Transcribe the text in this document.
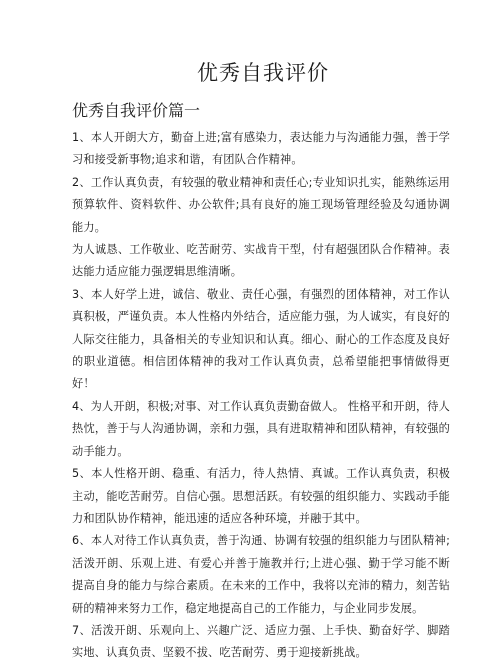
优秀自我评价
优秀自我评价篇一

1、本人开朗大方，勤奋上进;富有感染力，表达能力与沟通能力强，善于学习和接受新事物;追求和谐，有团队合作精神。

2、工作认真负责，有较强的敬业精神和责任心;专业知识扎实，能熟练运用预算软件、资料软件、办公软件;具有良好的施工现场管理经验及勾通协调能力。

为人诚恳、工作敬业、吃苦耐劳、实战肯干型，付有超强团队合作精神。表达能力适应能力强逻辑思维清晰。

3、本人好学上进，诚信、敬业、责任心强，有强烈的团体精神，对工作认真积极，严谨负责。本人性格内外结合，适应能力强，为人诚实，有良好的人际交往能力，具备相关的专业知识和认真。细心、耐心的工作态度及良好的职业道德。相信团体精神的我对工作认真负责，总希望能把事情做得更好！

4、为人开朗，积极;对事、对工作认真负责勤奋做人。 性格平和开朗，待人热忱，善于与人沟通协调，亲和力强，具有进取精神和团队精神，有较强的动手能力。

5、本人性格开朗、稳重、有活力，待人热情、真诚。工作认真负责，积极主动，能吃苦耐劳。自信心强。思想活跃。有较强的组织能力、实践动手能力和团队协作精神，能迅速的适应各种环境，并融于其中。

6、本人对待工作认真负责，善于沟通、协调有较强的组织能力与团队精神;活泼开朗、乐观上进、有爱心并善于施教并行;上进心强、勤于学习能不断提高自身的能力与综合素质。在未来的工作中，我将以充沛的精力，刻苦钻研的精神来努力工作，稳定地提高自己的工作能力，与企业同步发展。

7、活泼开朗、乐观向上、兴趣广泛、适应力强、上手快、勤奋好学、脚踏实地、认真负责、坚毅不拔、吃苦耐劳、勇于迎接新挑战。
